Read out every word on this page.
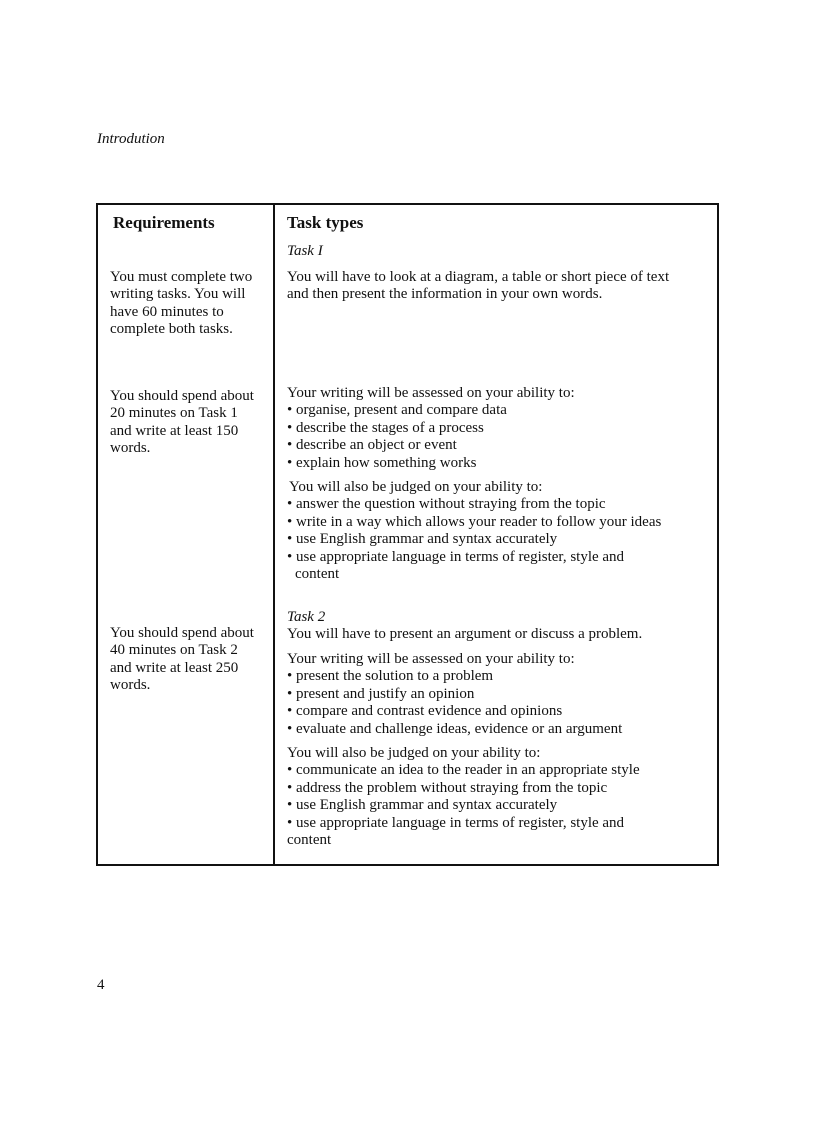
Introdution
Requirements
You must complete two writing tasks. You will have 60 minutes to complete both tasks.
You should spend about 20 minutes on Task 1 and write at least 150 words.
You should spend about 40 minutes on Task 2 and write at least 250 words.
Task types
Task I
You will have to look at a diagram, a table or short piece of text
and then present the information in your own words.
Your writing will be assessed on your ability to:
• organise, present and compare data
• describe the stages of a process
• describe an object or event
• explain how something works
You will also be judged on your ability to:
• answer the question without straying from the topic
• write in a way which allows your reader to follow your ideas
• use English grammar and syntax accurately
• use appropriate language in terms of register, style and
content
Task 2
You will have to present an argument or discuss a problem.
Your writing will be assessed on your ability to:
• present the solution to a problem
• present and justify an opinion
• compare and contrast evidence and opinions
• evaluate and challenge ideas, evidence or an argument
You will also be judged on your ability to:
• communicate an idea to the reader in an appropriate style
• address the problem without straying from the topic
• use English grammar and syntax accurately
• use appropriate language in terms of register, style and
content
4
